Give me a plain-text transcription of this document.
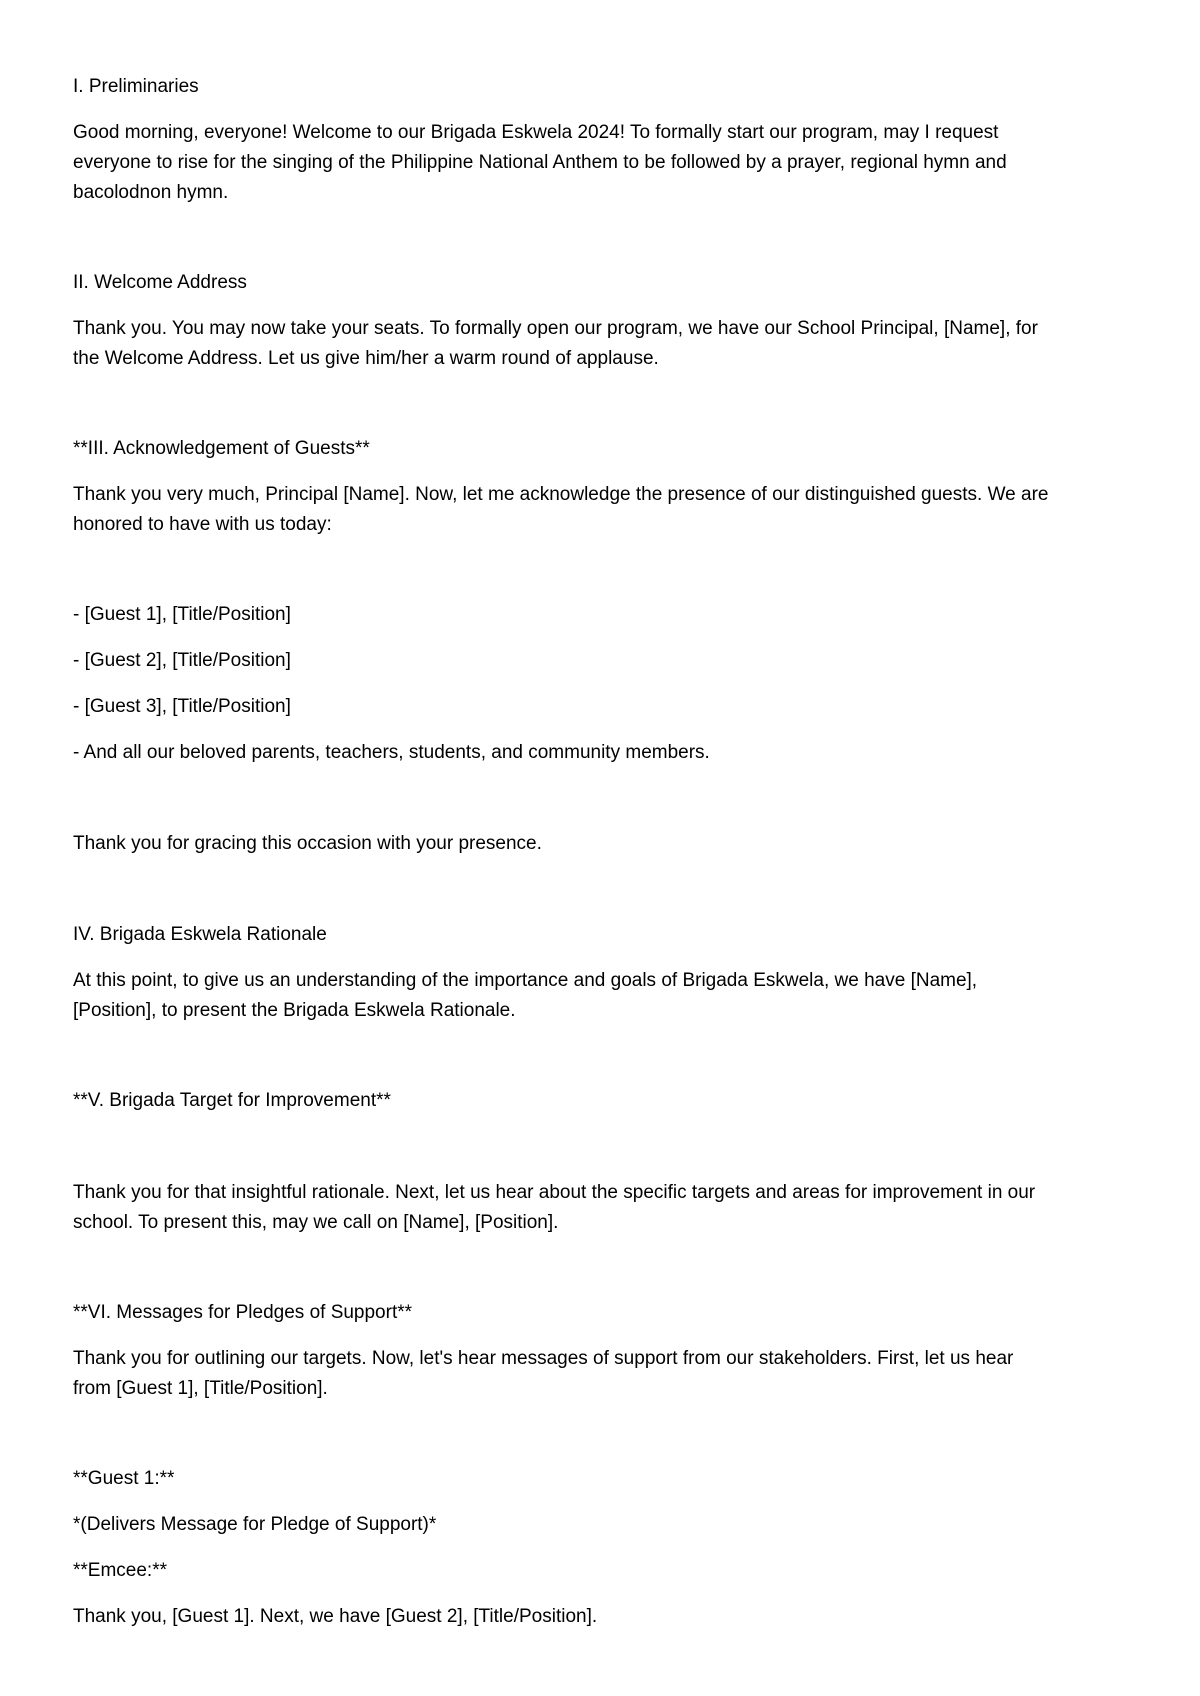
I. Preliminaries

Good morning, everyone! Welcome to our Brigada Eskwela 2024! To formally start our program, may I request

everyone to rise for the singing of the Philippine National Anthem to be followed by a prayer, regional hymn and

bacolodnon hymn.

II. Welcome Address

Thank you. You may now take your seats. To formally open our program, we have our School Principal, [Name], for

the Welcome Address. Let us give him/her a warm round of applause.

**III. Acknowledgement of Guests**

Thank you very much, Principal [Name]. Now, let me acknowledge the presence of our distinguished guests. We are

honored to have with us today:

- [Guest 1], [Title/Position]

- [Guest 2], [Title/Position]

- [Guest 3], [Title/Position]

- And all our beloved parents, teachers, students, and community members.

Thank you for gracing this occasion with your presence.

IV. Brigada Eskwela Rationale

At this point, to give us an understanding of the importance and goals of Brigada Eskwela, we have [Name],

[Position], to present the Brigada Eskwela Rationale.

**V. Brigada Target for Improvement**

Thank you for that insightful rationale. Next, let us hear about the specific targets and areas for improvement in our

school. To present this, may we call on [Name], [Position].

**VI. Messages for Pledges of Support**

Thank you for outlining our targets. Now, let's hear messages of support from our stakeholders. First, let us hear

from [Guest 1], [Title/Position].

**Guest 1:**

*(Delivers Message for Pledge of Support)*

**Emcee:**

Thank you, [Guest 1]. Next, we have [Guest 2], [Title/Position].
